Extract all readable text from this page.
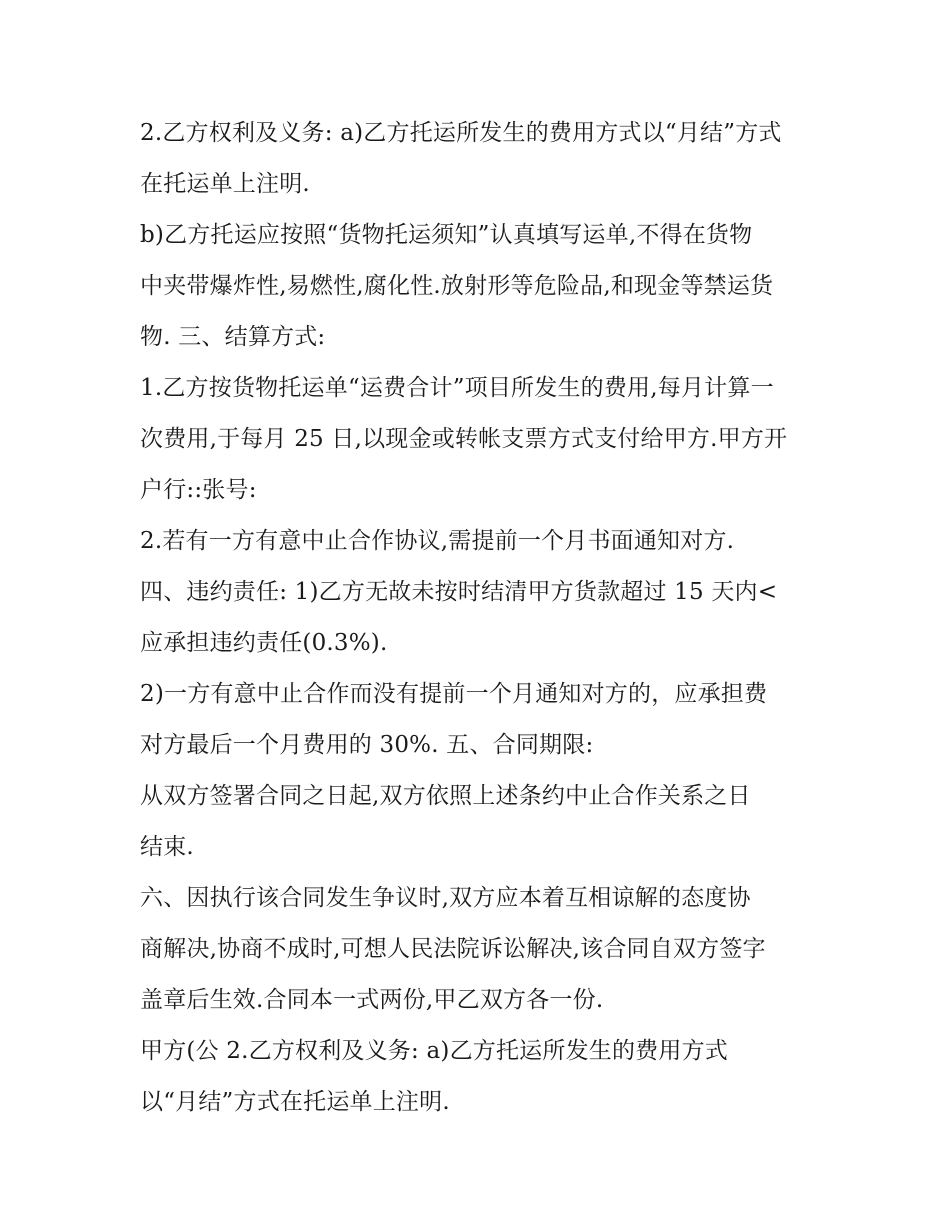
2.乙方权利及义务: a)乙方托运所发生的费用方式以“月结”方式
在托运单上注明.
b)乙方托运应按照“货物托运须知”认真填写运单,不得在货物
中夹带爆炸性,易燃性,腐化性.放射形等危险品,和现金等禁运货
物. 三、结算方式:
1.乙方按货物托运单“运费合计”项目所发生的费用,每月计算一
次费用,于每月 25 日,以现金或转帐支票方式支付给甲方.甲方开
户行::张号:
2.若有一方有意中止合作协议,需提前一个月书面通知对方.
四、违约责任: 1)乙方无故未按时结清甲方货款超过 15 天内<
应承担违约责任(0.3%).
2)一方有意中止合作而没有提前一个月通知对方的，应承担费
对方最后一个月费用的 30%. 五、合同期限:
从双方签署合同之日起,双方依照上述条约中止合作关系之日
结束.
六、因执行该合同发生争议时,双方应本着互相谅解的态度协
商解决,协商不成时,可想人民法院诉讼解决,该合同自双方签字
盖章后生效.合同本一式两份,甲乙双方各一份.
甲方(公 2.乙方权利及义务: a)乙方托运所发生的费用方式
以“月结”方式在托运单上注明.
